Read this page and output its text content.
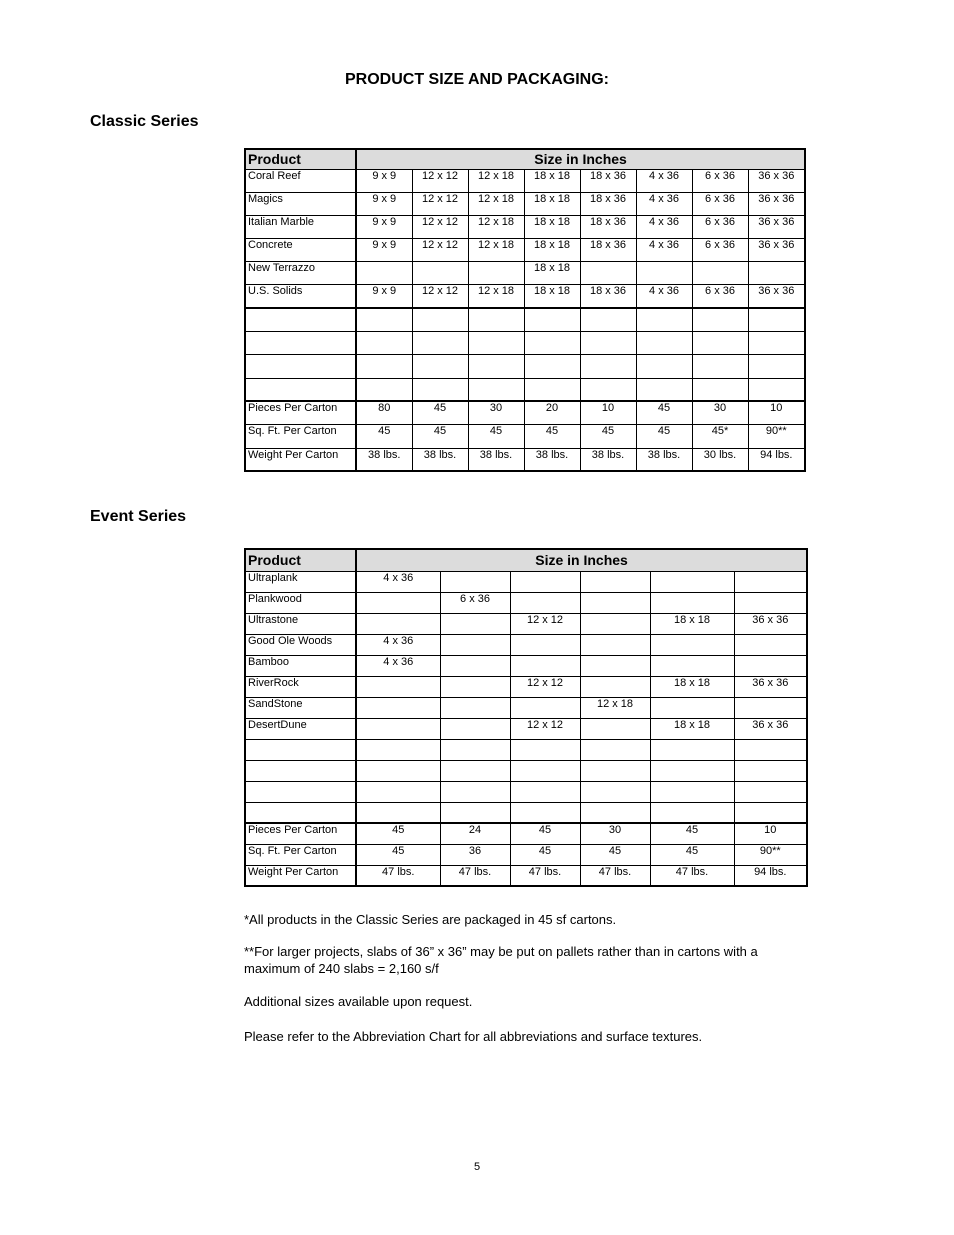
PRODUCT SIZE AND PACKAGING:
Classic Series
Product	Size in Inches							
Coral Reef	9 x 9	12 x 12	12 x 18	18 x 18	18 x 36	4 x 36	6 x 36	36 x 36
Magics	9 x 9	12 x 12	12 x 18	18 x 18	18 x 36	4 x 36	6 x 36	36 x 36
Italian Marble	9 x 9	12 x 12	12 x 18	18 x 18	18 x 36	4 x 36	6 x 36	36 x 36
Concrete	9 x 9	12 x 12	12 x 18	18 x 18	18 x 36	4 x 36	6 x 36	36 x 36
New Terrazzo				18 x 18				
U.S. Solids	9 x 9	12 x 12	12 x 18	18 x 18	18 x 36	4 x 36	6 x 36	36 x 36

Pieces Per Carton	80	45	30	20	10	45	30	10
Sq. Ft. Per Carton	45	45	45	45	45	45	45*	90**
Weight Per Carton	38 lbs.	38 lbs.	38 lbs.	38 lbs.	38 lbs.	38 lbs.	30 lbs.	94 lbs.
Event Series
Product	Size in Inches					
Ultraplank	4 x 36					
Plankwood		6 x 36				
Ultrastone			12 x 12		18 x 18	36 x 36
Good Ole Woods	4 x 36					
Bamboo	4 x 36					
RiverRock			12 x 12		18 x 18	36 x 36
SandStone				12 x 18		
DesertDune			12 x 12		18 x 18	36 x 36

Pieces Per Carton	45	24	45	30	45	10
Sq. Ft. Per Carton	45	36	45	45	45	90**
Weight Per Carton	47 lbs.	47 lbs.	47 lbs.	47 lbs.	47 lbs.	94 lbs.
*All products in the Classic Series are packaged in 45 sf cartons.
**For larger projects, slabs of 36” x 36” may be put on pallets rather than in cartons with a maximum of 240 slabs = 2,160 s/f
Additional sizes available upon request.
Please refer to the Abbreviation Chart for all abbreviations and surface textures.
5
